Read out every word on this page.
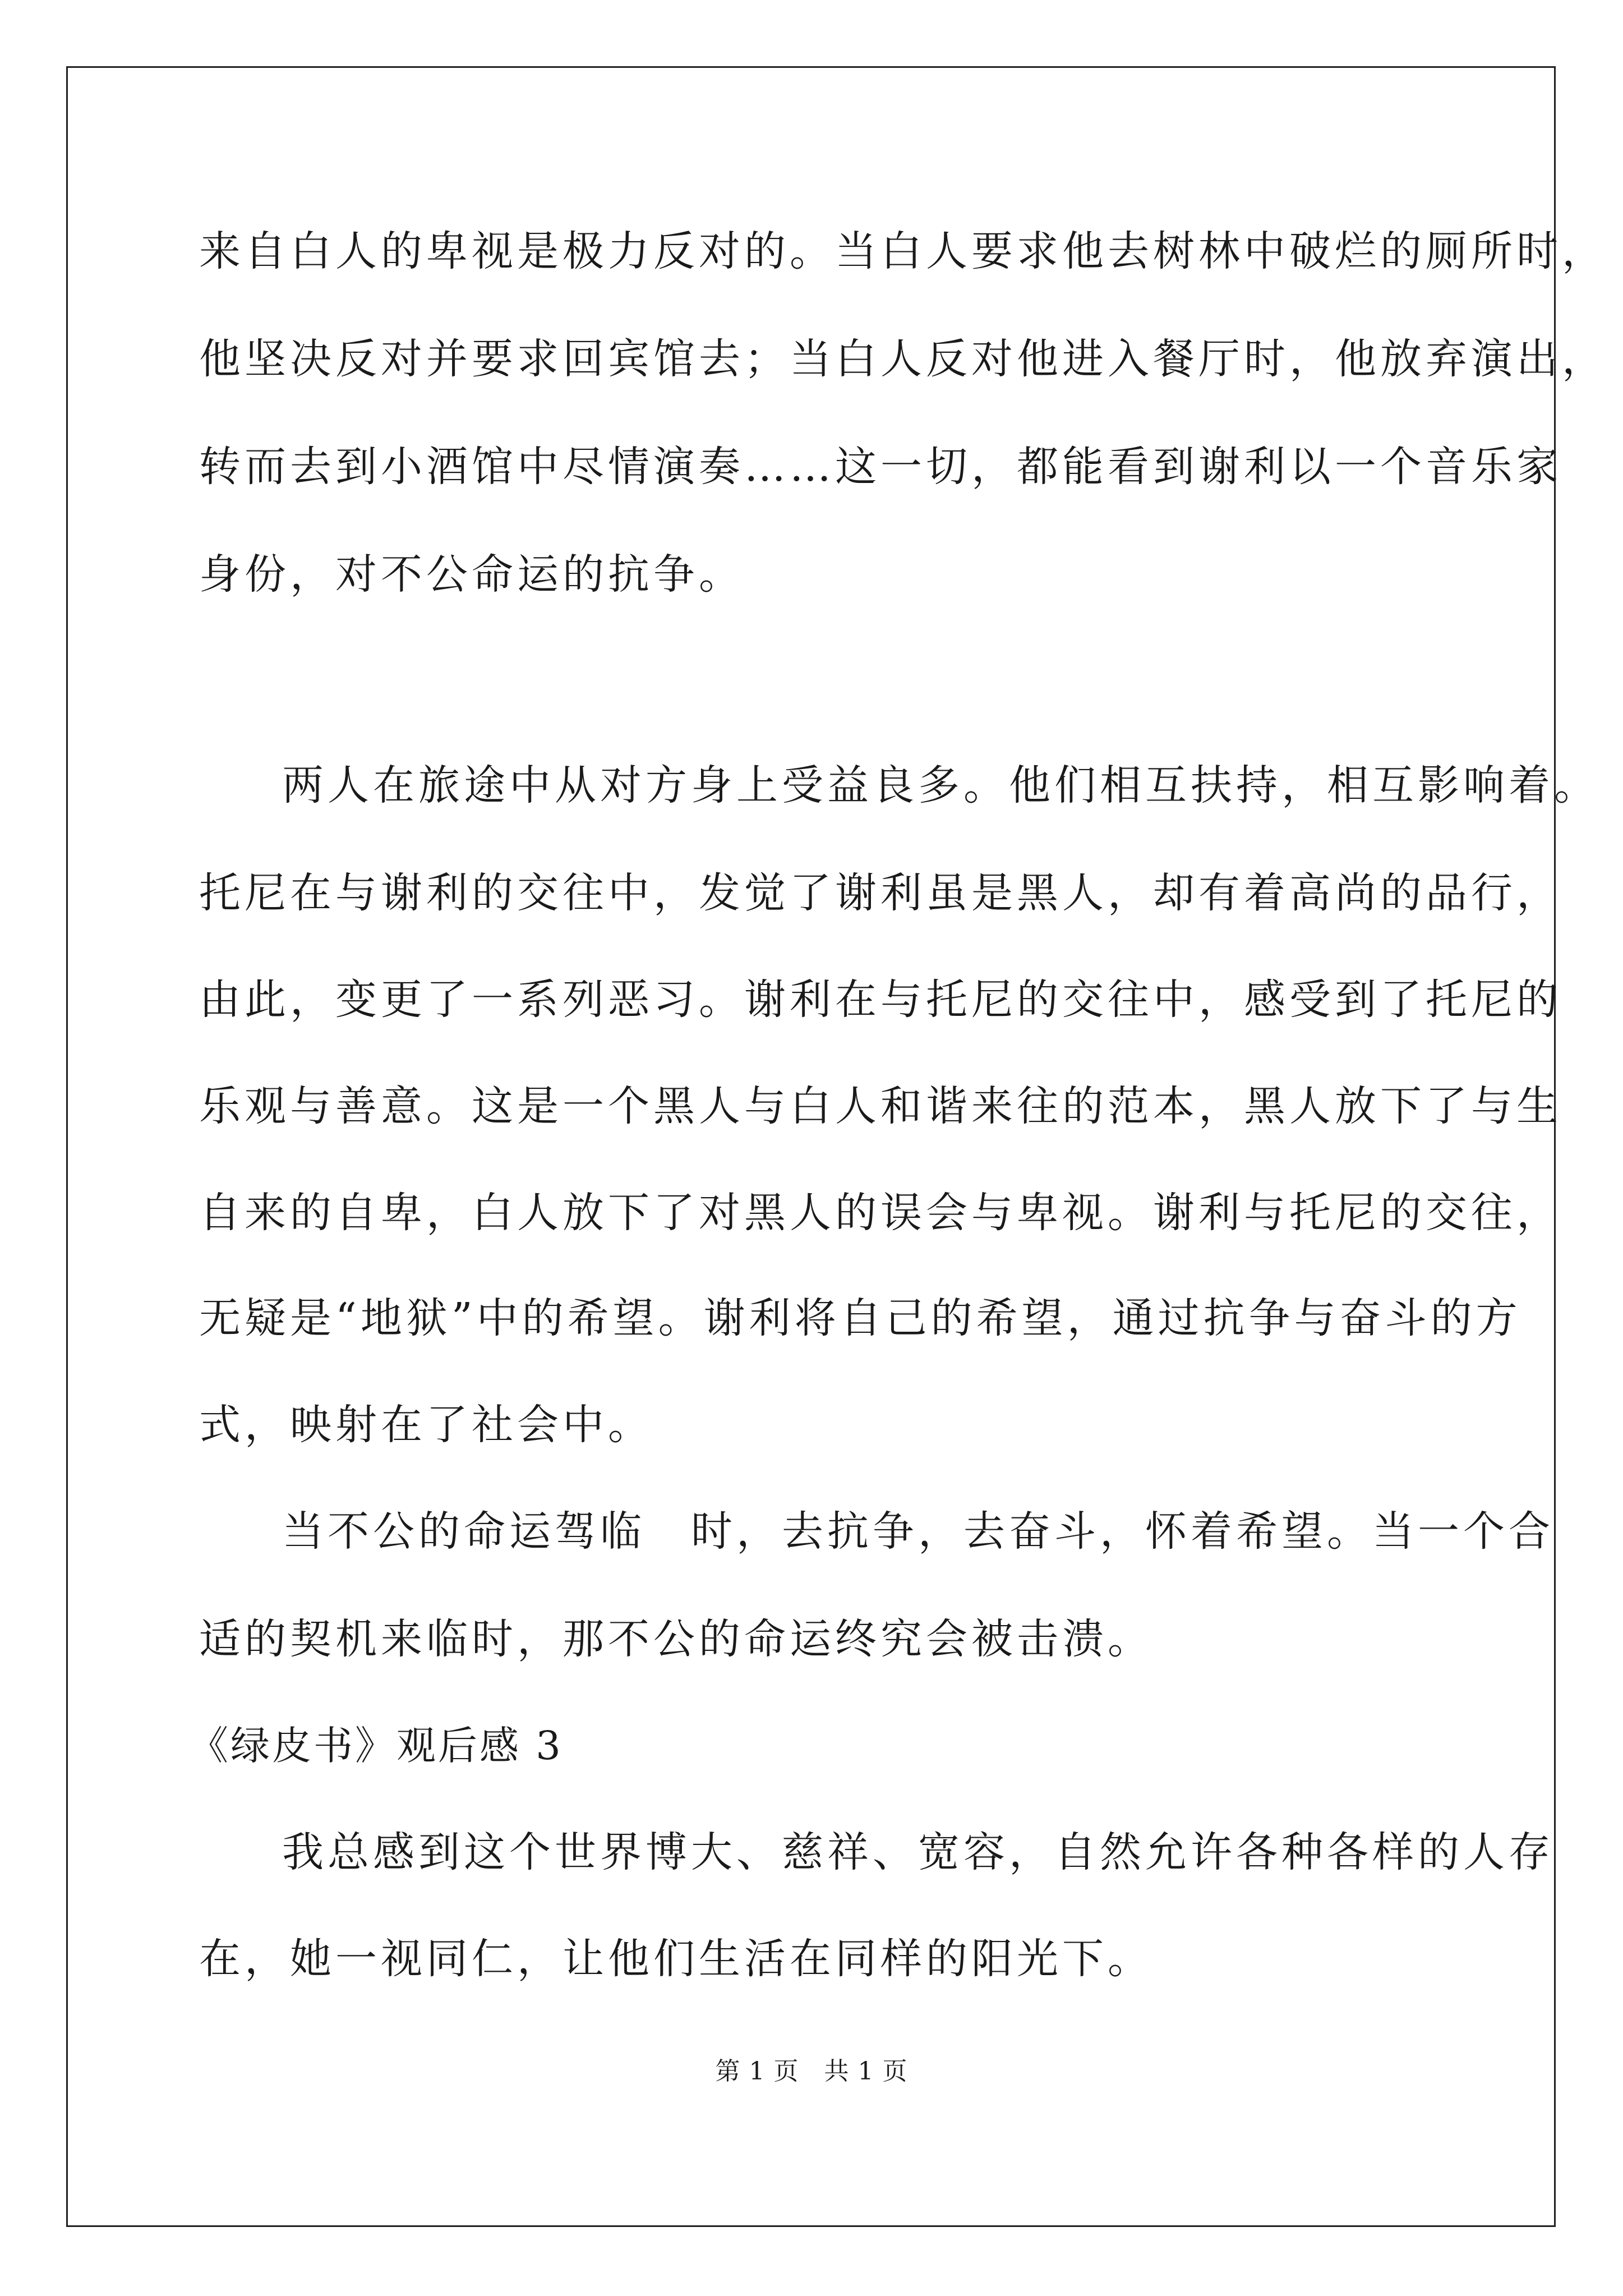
来自白人的卑视是极力反对的。当白人要求他去树林中破烂的厕所时，
他坚决反对并要求回宾馆去；当白人反对他进入餐厅时，他放弃演出，
转而去到小酒馆中尽情演奏……这一切，都能看到谢利以一个音乐家
身份，对不公命运的抗争。
两人在旅途中从对方身上受益良多。他们相互扶持，相互影响着。
托尼在与谢利的交往中，发觉了谢利虽是黑人，却有着高尚的品行，
由此，变更了一系列恶习。谢利在与托尼的交往中，感受到了托尼的
乐观与善意。这是一个黑人与白人和谐来往的范本，黑人放下了与生
自来的自卑，白人放下了对黑人的误会与卑视。谢利与托尼的交往，
无疑是“地狱”中的希望。谢利将自己的希望，通过抗争与奋斗的方
式，映射在了社会中。
当不公的命运驾临　时，去抗争，去奋斗，怀着希望。当一个合
适的契机来临时，那不公的命运终究会被击溃。
《绿皮书》观后感 3
我总感到这个世界博大、慈祥、宽容，自然允许各种各样的人存
在，她一视同仁，让他们生活在同样的阳光下。
第 1 页　共 1 页
